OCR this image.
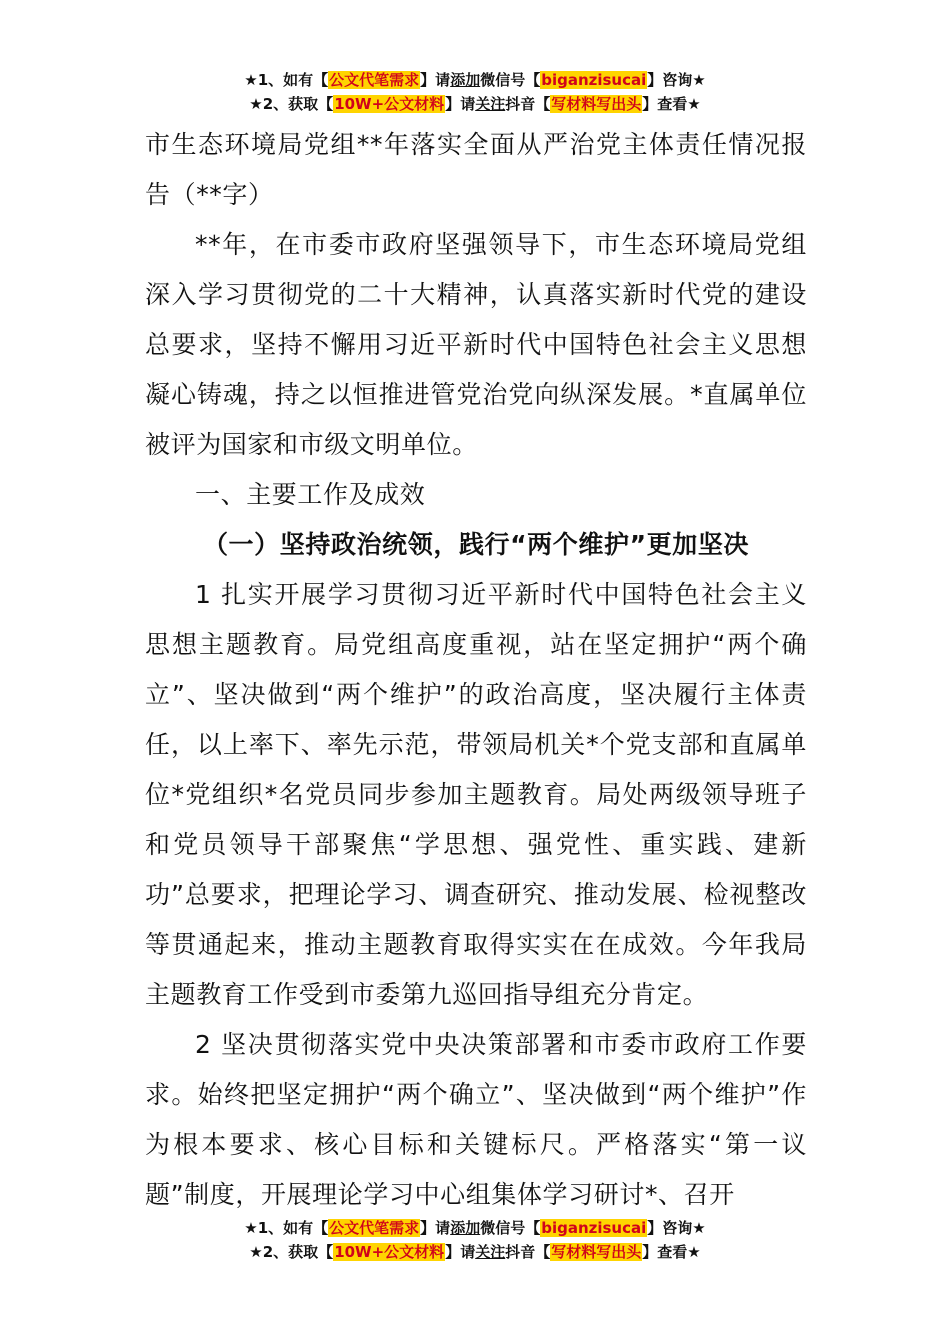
★1、如有【公文代笔需求】请添加微信号【biganzisucai】咨询★
★2、获取【10W+公文材料】请关注抖音【写材料写出头】查看★

市生态环境局党组**年落实全面从严治党主体责任情况报告（**字）

**年，在市委市政府坚强领导下，市生态环境局党组深入学习贯彻党的二十大精神，认真落实新时代党的建设总要求，坚持不懈用习近平新时代中国特色社会主义思想凝心铸魂，持之以恒推进管党治党向纵深发展。*直属单位被评为国家和市级文明单位。

一、主要工作及成效

（一）坚持政治统领，践行“两个维护”更加坚决

1 扎实开展学习贯彻习近平新时代中国特色社会主义思想主题教育。局党组高度重视，站在坚定拥护“两个确立”、坚决做到“两个维护”的政治高度，坚决履行主体责任，以上率下、率先示范，带领局机关*个党支部和直属单位*党组织*名党员同步参加主题教育。局处两级领导班子和党员领导干部聚焦“学思想、强党性、重实践、建新功”总要求，把理论学习、调查研究、推动发展、检视整改等贯通起来，推动主题教育取得实实在在成效。今年我局主题教育工作受到市委第九巡回指导组充分肯定。

2 坚决贯彻落实党中央决策部署和市委市政府工作要求。始终把坚定拥护“两个确立”、坚决做到“两个维护”作为根本要求、核心目标和关键标尺。严格落实“第一议题”制度，开展理论学习中心组集体学习研讨*、召开

★1、如有【公文代笔需求】请添加微信号【biganzisucai】咨询★
★2、获取【10W+公文材料】请关注抖音【写材料写出头】查看★
